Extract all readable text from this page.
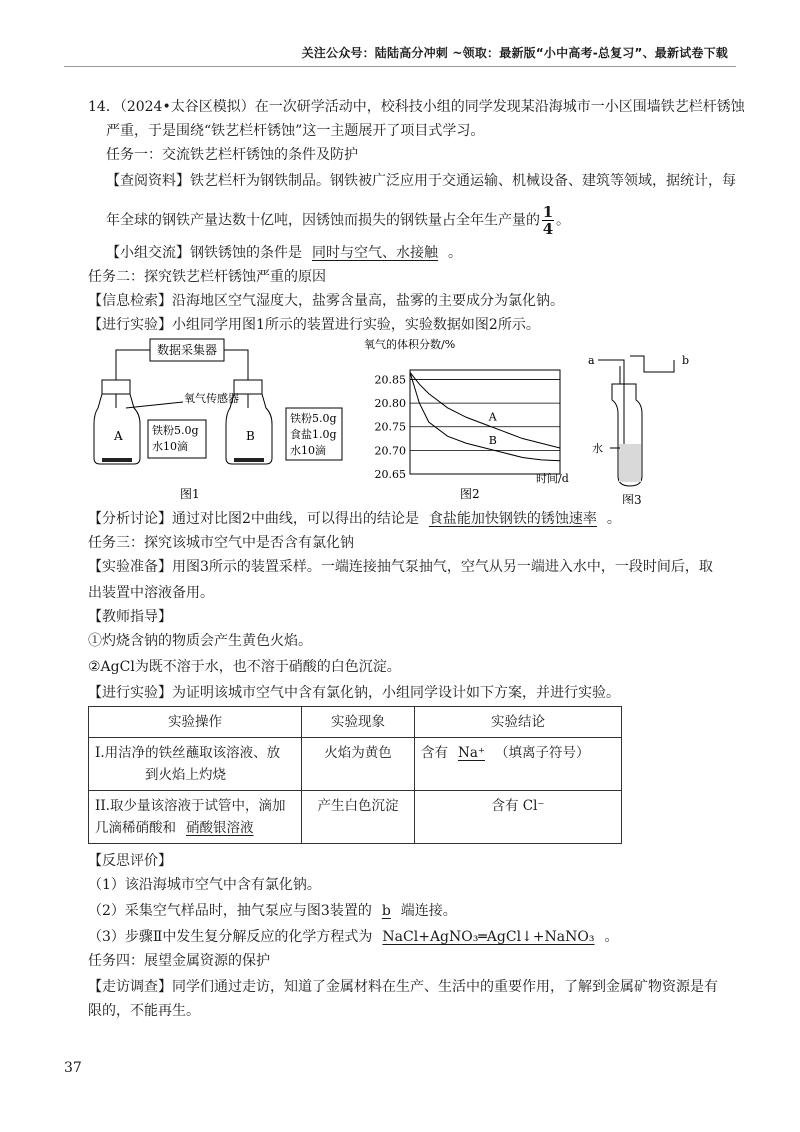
关注公众号：陆陆高分冲刺 ~领取：最新版“小中高考-总复习”、最新试卷下载
14．（2024•太谷区模拟）在一次研学活动中，校科技小组的同学发现某沿海城市一小区围墙铁艺栏杆锈蚀
严重，于是围绕“铁艺栏杆锈蚀”这一主题展开了项目式学习。
任务一：交流铁艺栏杆锈蚀的条件及防护
【查阅资料】铁艺栏杆为钢铁制品。钢铁被广泛应用于交通运输、机械设备、建筑等领域，据统计，每
年全球的钢铁产量达数十亿吨，因锈蚀而损失的钢铁量占全年生产量的 $\frac{1}{4}$ 。
【小组交流】钢铁锈蚀的条件是 同时与空气、水接触 。
任务二：探究铁艺栏杆锈蚀严重的原因
【信息检索】沿海地区空气湿度大，盐雾含量高，盐雾的主要成分为氯化钠。
【进行实验】小组同学用图1所示的装置进行实验，实验数据如图2所示。
数据采集器
氧气传感器
A	B
铁粉5.0g
水10滴
铁粉5.0g
食盐1.0g
水10滴
图1
氧气的体积分数/%
20.85
20.80
20.75
20.70
20.65
A
B
时间/d
图2
a	b
水
图3
【分析讨论】通过对比图2中曲线，可以得出的结论是 食盐能加快钢铁的锈蚀速率 。
任务三：探究该城市空气中是否含有氯化钠
【实验准备】用图3所示的装置采样。一端连接抽气泵抽气，空气从另一端进入水中，一段时间后，取
出装置中溶液备用。
【教师指导】
①灼烧含钠的物质会产生黄色火焰。
②AgCl为既不溶于水，也不溶于硝酸的白色沉淀。
【进行实验】为证明该城市空气中含有氯化钠，小组同学设计如下方案，并进行实验。
实验操作	实验现象	实验结论
I.用洁净的铁丝蘸取该溶液、放
到火焰上灼烧	火焰为黄色	含有 Na⁺ （填离子符号）
II.取少量该溶液于试管中，滴加
几滴稀硝酸和 硝酸银溶液	产生白色沉淀	含有 Cl⁻
【反思评价】
（1）该沿海城市空气中含有氯化钠。
（2）采集空气样品时，抽气泵应与图3装置的 b 端连接。
（3）步骤Ⅱ中发生复分解反应的化学方程式为 NaCl+AgNO₃═AgCl↓+NaNO₃ 。
任务四：展望金属资源的保护
【走访调查】同学们通过走访，知道了金属材料在生产、生活中的重要作用，了解到金属矿物资源是有
限的，不能再生。
37
